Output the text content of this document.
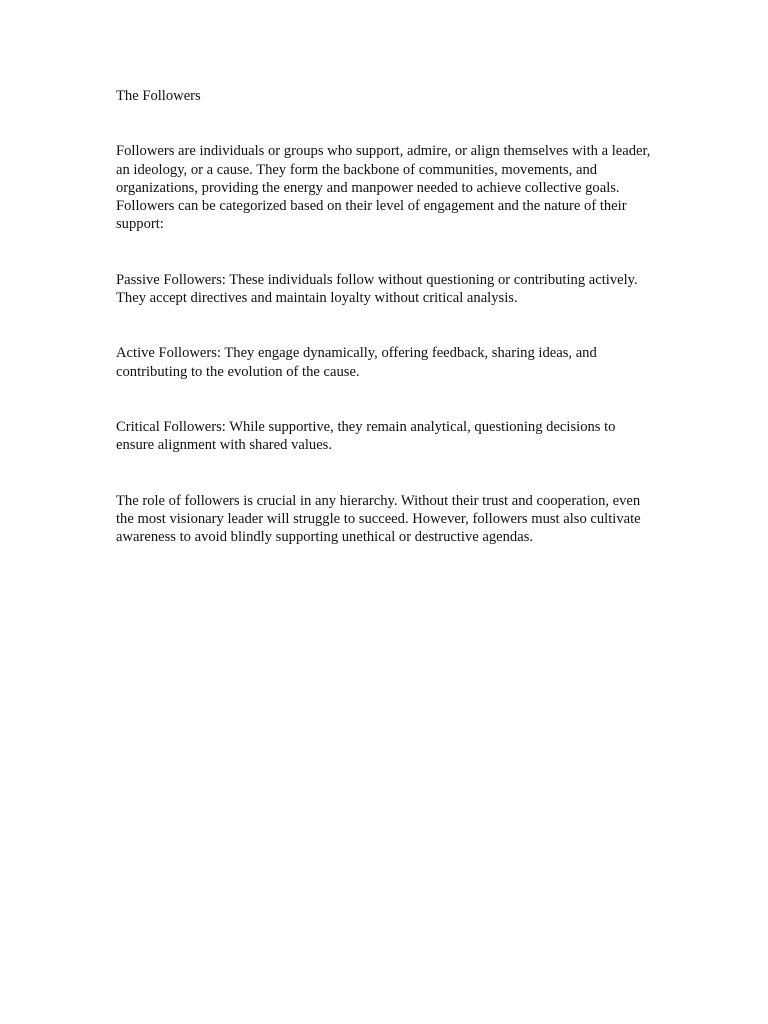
The Followers

Followers are individuals or groups who support, admire, or align themselves with a leader, an ideology, or a cause. They form the backbone of communities, movements, and organizations, providing the energy and manpower needed to achieve collective goals. Followers can be categorized based on their level of engagement and the nature of their support:

Passive Followers: These individuals follow without questioning or contributing actively. They accept directives and maintain loyalty without critical analysis.

Active Followers: They engage dynamically, offering feedback, sharing ideas, and contributing to the evolution of the cause.

Critical Followers: While supportive, they remain analytical, questioning decisions to ensure alignment with shared values.

The role of followers is crucial in any hierarchy. Without their trust and cooperation, even the most visionary leader will struggle to succeed. However, followers must also cultivate awareness to avoid blindly supporting unethical or destructive agendas.
